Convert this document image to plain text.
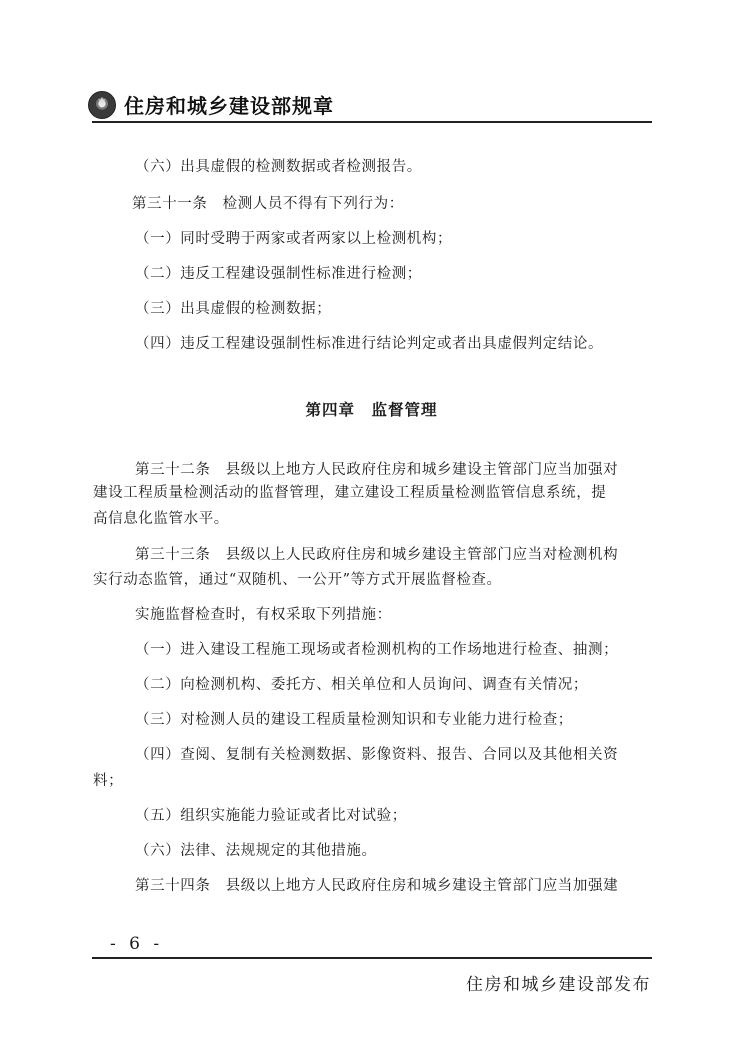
★
住房和城乡建设部规章
（六）出具虚假的检测数据或者检测报告。
第三十一条　检测人员不得有下列行为：
（一）同时受聘于两家或者两家以上检测机构；
（二）违反工程建设强制性标准进行检测；
（三）出具虚假的检测数据；
（四）违反工程建设强制性标准进行结论判定或者出具虚假判定结论。
第四章　监督管理
第三十二条　县级以上地方人民政府住房和城乡建设主管部门应当加强对
建设工程质量检测活动的监督管理，建立建设工程质量检测监管信息系统，提
高信息化监管水平。
第三十三条　县级以上人民政府住房和城乡建设主管部门应当对检测机构
实行动态监管，通过“双随机、一公开”等方式开展监督检查。
实施监督检查时，有权采取下列措施：
（一）进入建设工程施工现场或者检测机构的工作场地进行检查、抽测；
（二）向检测机构、委托方、相关单位和人员询问、调查有关情况；
（三）对检测人员的建设工程质量检测知识和专业能力进行检查；
（四）查阅、复制有关检测数据、影像资料、报告、合同以及其他相关资
料；
（五）组织实施能力验证或者比对试验；
（六）法律、法规规定的其他措施。
第三十四条　县级以上地方人民政府住房和城乡建设主管部门应当加强建
- 6 -
住房和城乡建设部发布
